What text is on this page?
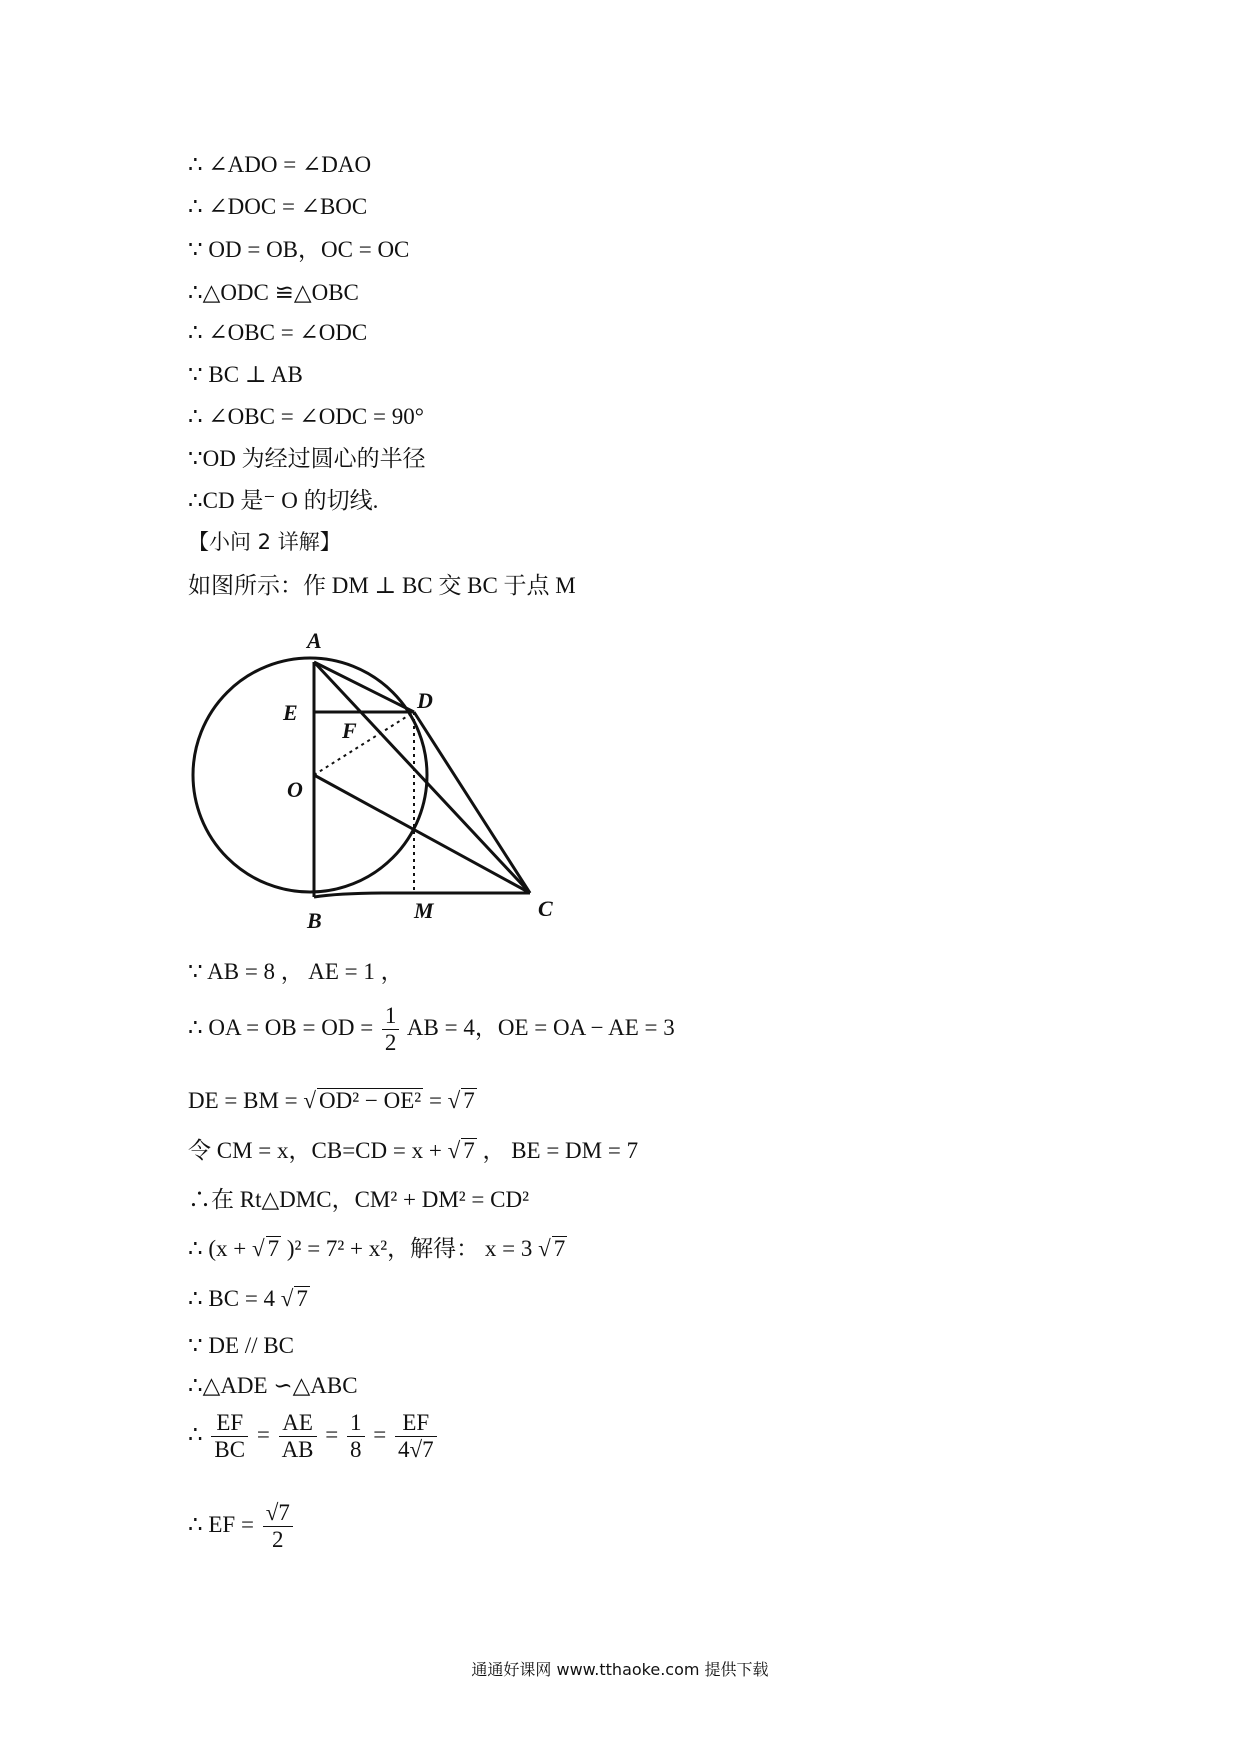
∴ ∠ADO = ∠DAO
∴ ∠DOC = ∠BOC
∵ OD = OB，OC = OC
∴△ODC ≌△OBC
∴ ∠OBC = ∠ODC
∵ BC ⊥ AB
∴ ∠OBC = ∠ODC = 90°
∵OD 为经过圆心的半径
∴CD 是⁻ O 的切线.
【小问 2 详解】
如图所示：作 DM ⊥ BC 交 BC 于点 M
A
D
E
F
O
B	M	C
∵ AB = 8 ， AE = 1 ，
∴ OA = OB = OD = $\frac{1}{2}$ AB = 4，OE = OA − AE = 3
DE = BM = √ OD² − OE² = √ 7
令 CM = x，CB=CD = x + √ 7 ， BE = DM = 7
∴在 Rt△DMC，CM² + DM² = CD²
∴ (x + √ 7 )² = 7² + x²，解得： x = 3 √ 7
∴ BC = 4 √ 7
∵ DE // BC
∴△ADE ∽△ABC
∴ $\frac{EF}{BC} = \frac{AE}{AB} = \frac{1}{8} = \frac{EF}{4√7}$
∴ EF = $\frac{√7}{2}$
通通好课网 www.tthaoke.com 提供下载
